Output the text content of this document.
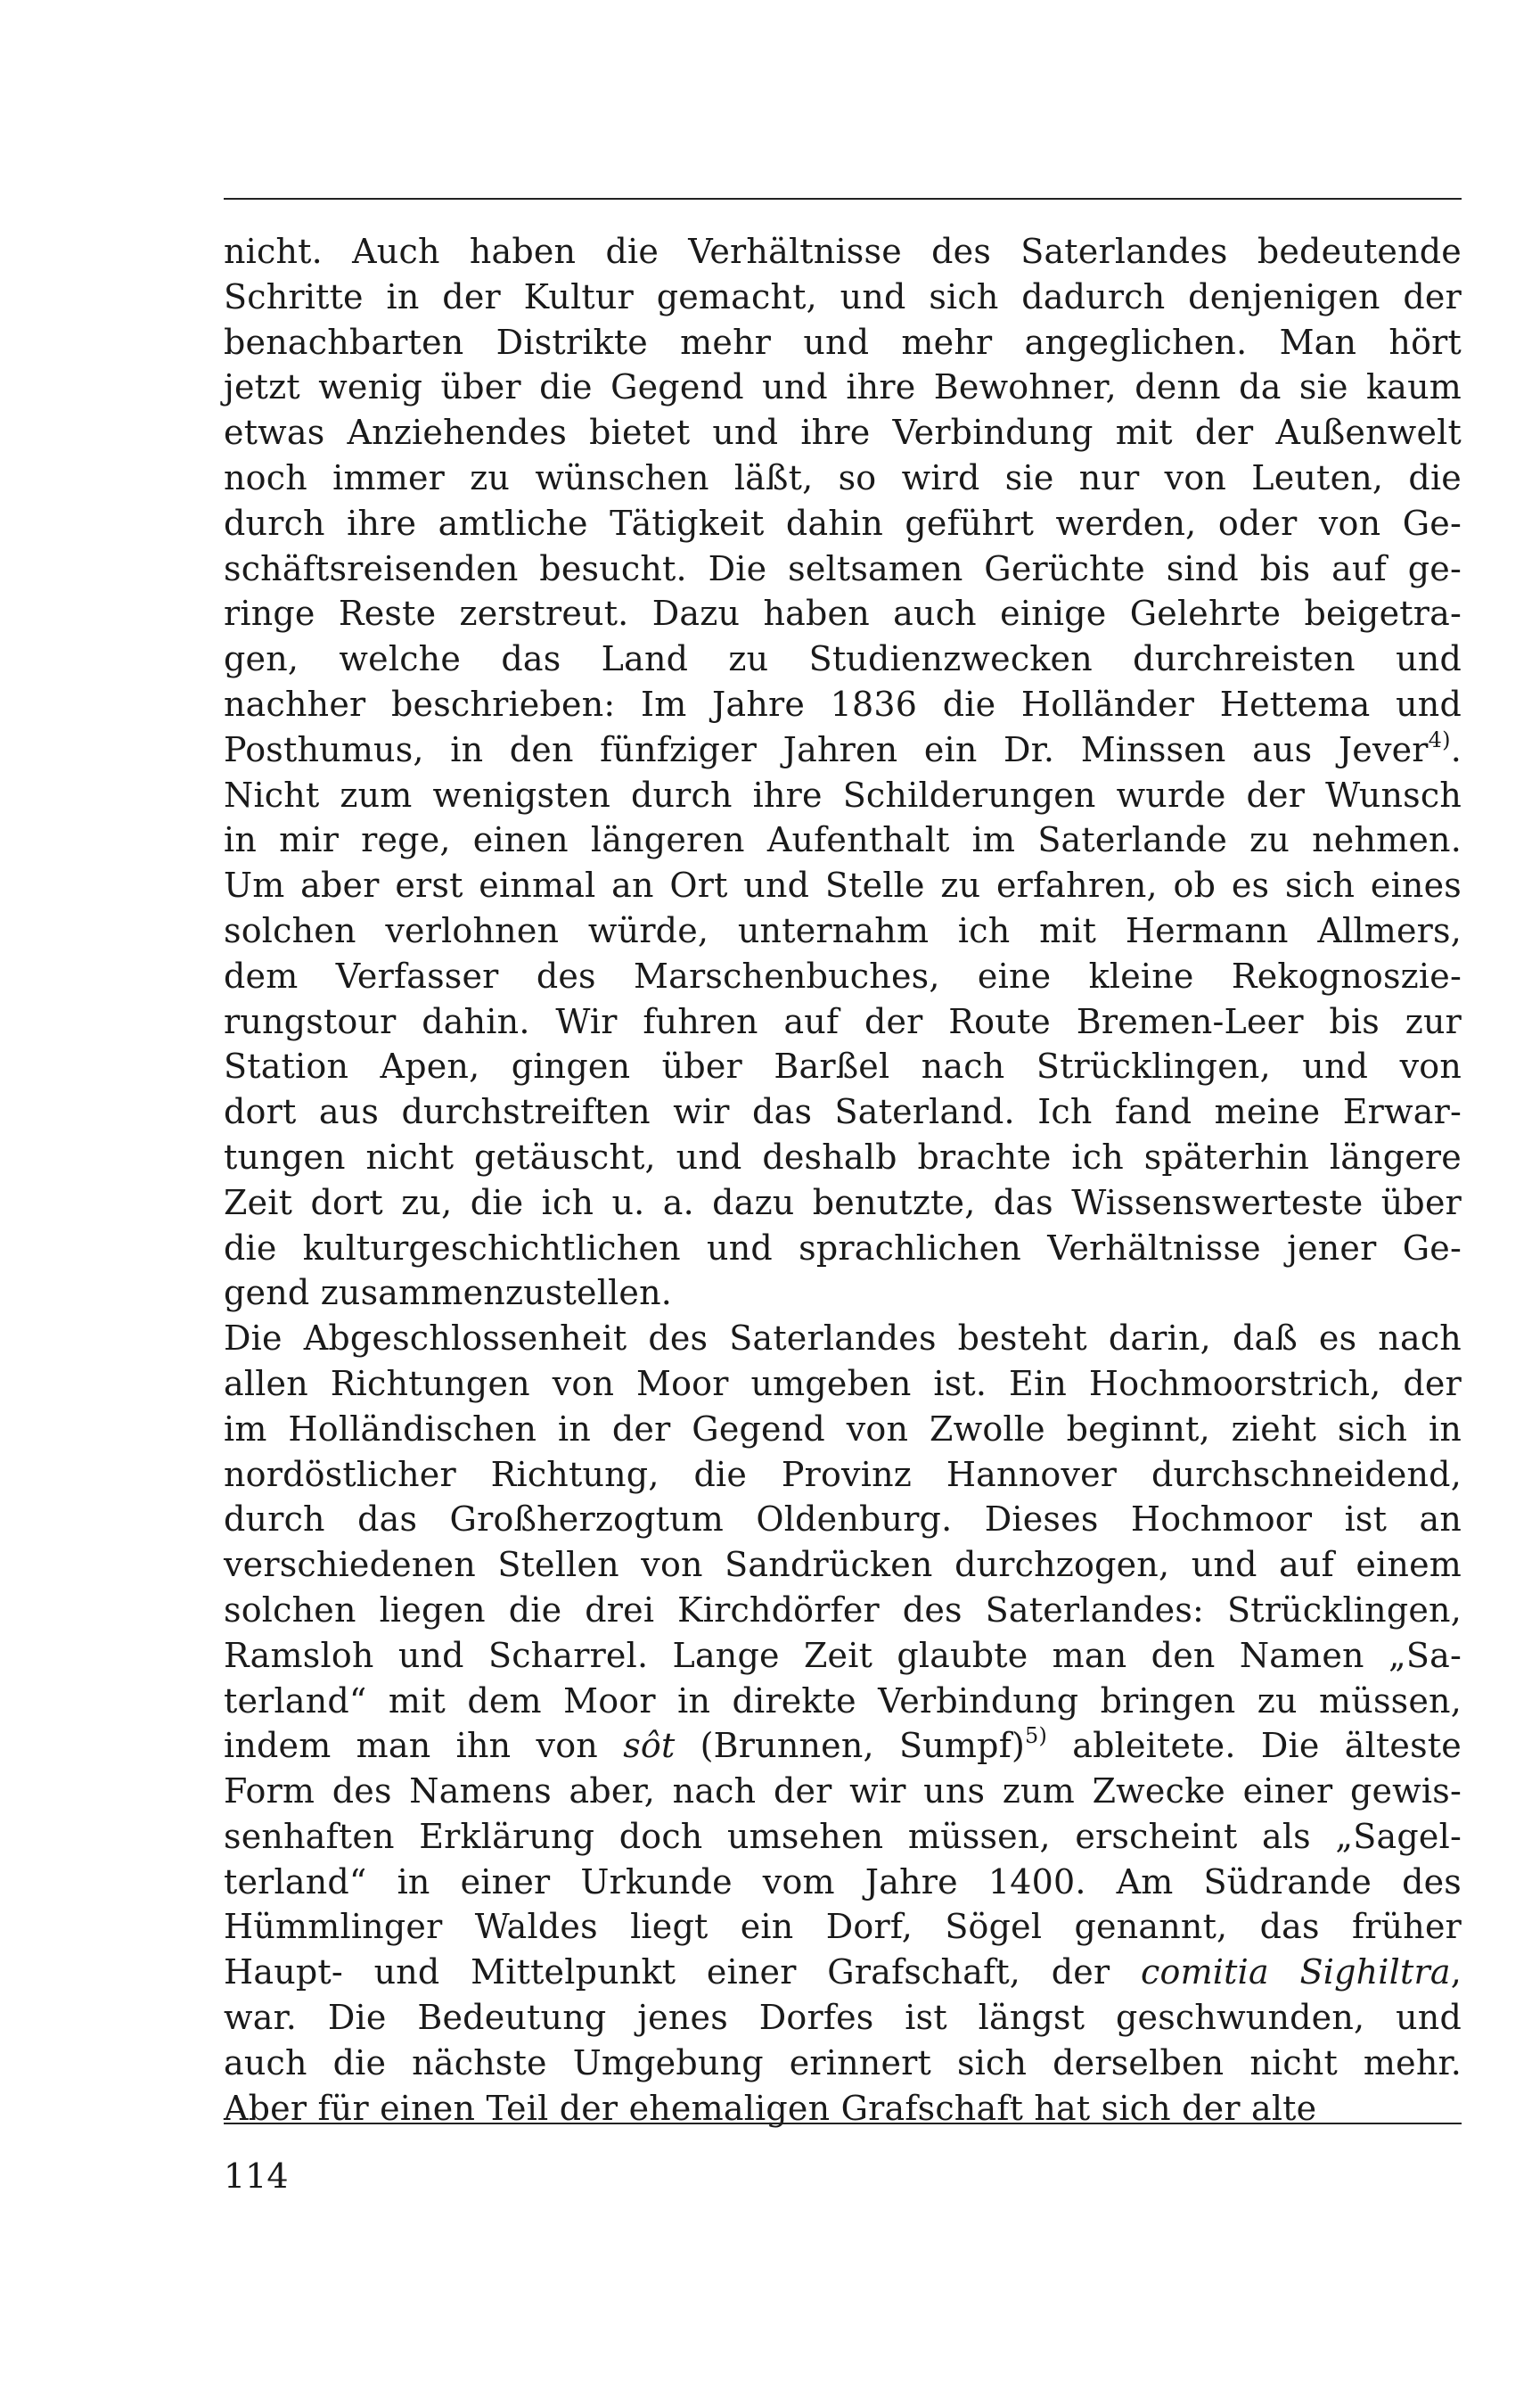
nicht. Auch haben die Verhältnisse des Saterlandes bedeutende
Schritte in der Kultur gemacht, und sich dadurch denjenigen der
benachbarten Distrikte mehr und mehr angeglichen. Man hört
jetzt wenig über die Gegend und ihre Bewohner, denn da sie kaum
etwas Anziehendes bietet und ihre Verbindung mit der Außenwelt
noch immer zu wünschen läßt, so wird sie nur von Leuten, die
durch ihre amtliche Tätigkeit dahin geführt werden, oder von Ge-
schäftsreisenden besucht. Die seltsamen Gerüchte sind bis auf ge-
ringe Reste zerstreut. Dazu haben auch einige Gelehrte beigetra-
gen, welche das Land zu Studienzwecken durchreisten und
nachher beschrieben: Im Jahre 1836 die Holländer Hettema und
Posthumus, in den fünfziger Jahren ein Dr. Minssen aus Jever$^{4)}$.
Nicht zum wenigsten durch ihre Schilderungen wurde der Wunsch
in mir rege, einen längeren Aufenthalt im Saterlande zu nehmen.
Um aber erst einmal an Ort und Stelle zu erfahren, ob es sich eines
solchen verlohnen würde, unternahm ich mit Hermann Allmers,
dem Verfasser des Marschenbuches, eine kleine Rekognoszie-
rungstour dahin. Wir fuhren auf der Route Bremen-Leer bis zur
Station Apen, gingen über Barßel nach Strücklingen, und von
dort aus durchstreiften wir das Saterland. Ich fand meine Erwar-
tungen nicht getäuscht, und deshalb brachte ich späterhin längere
Zeit dort zu, die ich u. a. dazu benutzte, das Wissenswerteste über
die kulturgeschichtlichen und sprachlichen Verhältnisse jener Ge-
gend zusammenzustellen.
Die Abgeschlossenheit des Saterlandes besteht darin, daß es nach
allen Richtungen von Moor umgeben ist. Ein Hochmoorstrich, der
im Holländischen in der Gegend von Zwolle beginnt, zieht sich in
nordöstlicher Richtung, die Provinz Hannover durchschneidend,
durch das Großherzogtum Oldenburg. Dieses Hochmoor ist an
verschiedenen Stellen von Sandrücken durchzogen, und auf einem
solchen liegen die drei Kirchdörfer des Saterlandes: Strücklingen,
Ramsloh und Scharrel. Lange Zeit glaubte man den Namen „Sa-
terland“ mit dem Moor in direkte Verbindung bringen zu müssen,
indem man ihn von sôt (Brunnen, Sumpf)$^{5)}$ ableitete. Die älteste
Form des Namens aber, nach der wir uns zum Zwecke einer gewis-
senhaften Erklärung doch umsehen müssen, erscheint als „Sagel-
terland“ in einer Urkunde vom Jahre 1400. Am Südrande des
Hümmlinger Waldes liegt ein Dorf, Sögel genannt, das früher
Haupt- und Mittelpunkt einer Grafschaft, der comitia Sighiltra,
war. Die Bedeutung jenes Dorfes ist längst geschwunden, und
auch die nächste Umgebung erinnert sich derselben nicht mehr.
Aber für einen Teil der ehemaligen Grafschaft hat sich der alte
114
